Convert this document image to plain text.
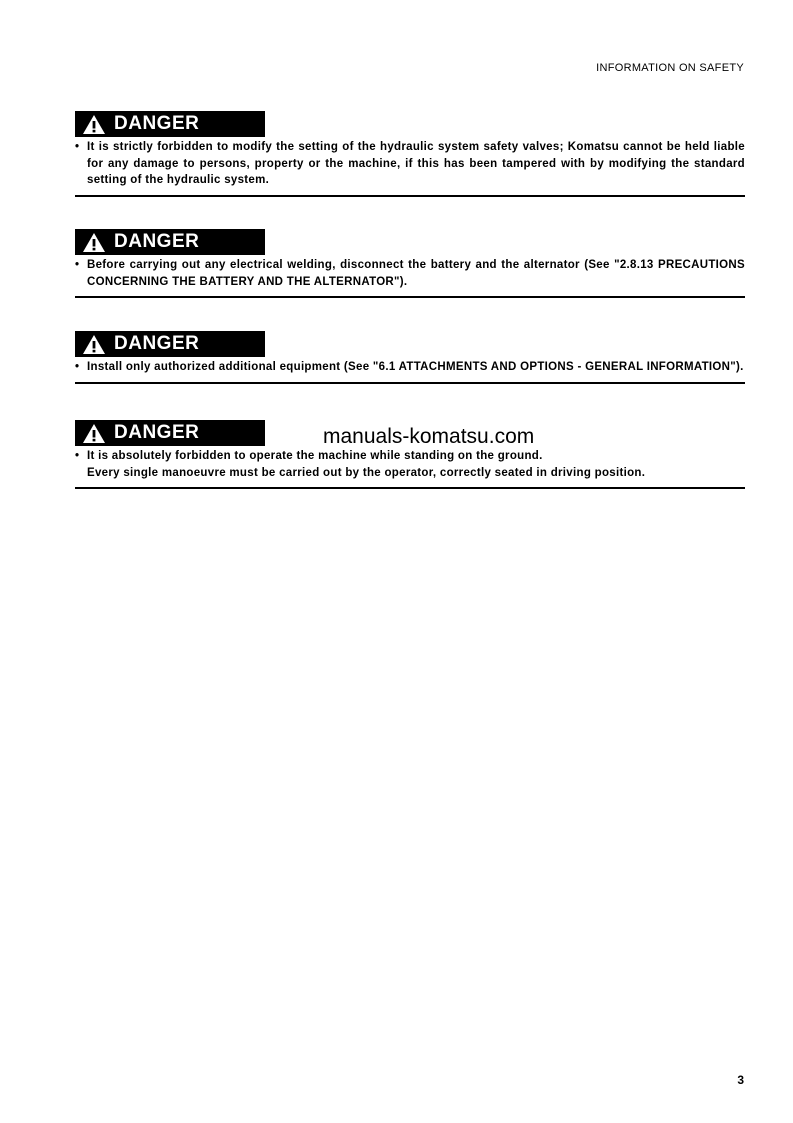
INFORMATION ON SAFETY
DANGER
• It is strictly forbidden to modify the setting of the hydraulic system safety valves; Komatsu cannot be held liable for any damage to persons, property or the machine, if this has been tampered with by modifying the standard setting of the hydraulic system.
DANGER
• Before carrying out any electrical welding, disconnect the battery and the alternator (See "2.8.13 PRECAUTIONS CONCERNING THE BATTERY AND THE ALTERNATOR").
DANGER
• Install only authorized additional equipment (See "6.1 ATTACHMENTS AND OPTIONS - GENERAL INFORMATION").
DANGER
• It is absolutely forbidden to operate the machine while standing on the ground.
Every single manoeuvre must be carried out by the operator, correctly seated in driving position.
manuals-komatsu.com
3
